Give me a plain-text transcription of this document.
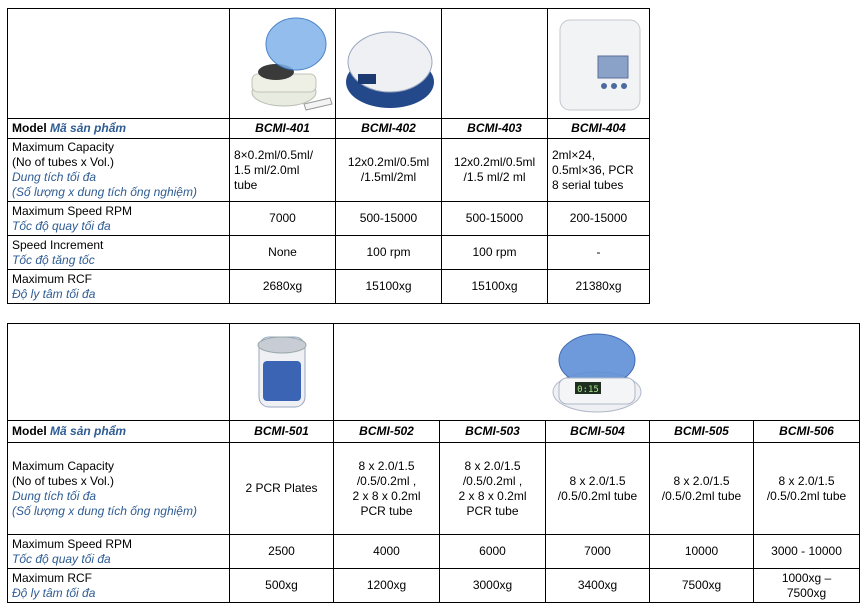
Model Mã sản phẩm	BCMI-401	BCMI-402	BCMI-403	BCMI-404

Maximum Capacity
(No of tubes x Vol.)
Dung tích tối đa
(Số lượng x dung tích ống nghiệm)	8×0.2ml/0.5ml/
1.5 ml/2.0ml
tube	12x0.2ml/0.5ml
/1.5ml/2ml	12x0.2ml/0.5ml
/1.5 ml/2 ml	2ml×24,
0.5ml×36, PCR
8 serial tubes

Maximum Speed RPM
Tốc độ quay tối đa	7000	500-15000	500-15000	200-15000

Speed Increment
Tốc độ tăng tốc	None	100 rpm	100 rpm	-

Maximum RCF
Độ ly tâm tối đa	2680xg	15100xg	15100xg	21380xg

0:15				

Model Mã sản phẩm	BCMI-501	BCMI-502	BCMI-503	BCMI-504	BCMI-505	BCMI-506

Maximum Capacity
(No of tubes x Vol.)
Dung tích tối đa
(Số lượng x dung tích ống nghiệm)	2 PCR Plates	8 x 2.0/1.5
/0.5/0.2ml ,
2 x 8 x 0.2ml
PCR tube	8 x 2.0/1.5
/0.5/0.2ml ,
2 x 8 x 0.2ml
PCR tube	8 x 2.0/1.5
/0.5/0.2ml tube	8 x 2.0/1.5
/0.5/0.2ml tube	8 x 2.0/1.5
/0.5/0.2ml tube

Maximum Speed RPM
Tốc độ quay tối đa	2500	4000	6000	7000	10000	3000 - 10000

Maximum RCF
Độ ly tâm tối đa	500xg	1200xg	3000xg	3400xg	7500xg	1000xg –
7500xg
